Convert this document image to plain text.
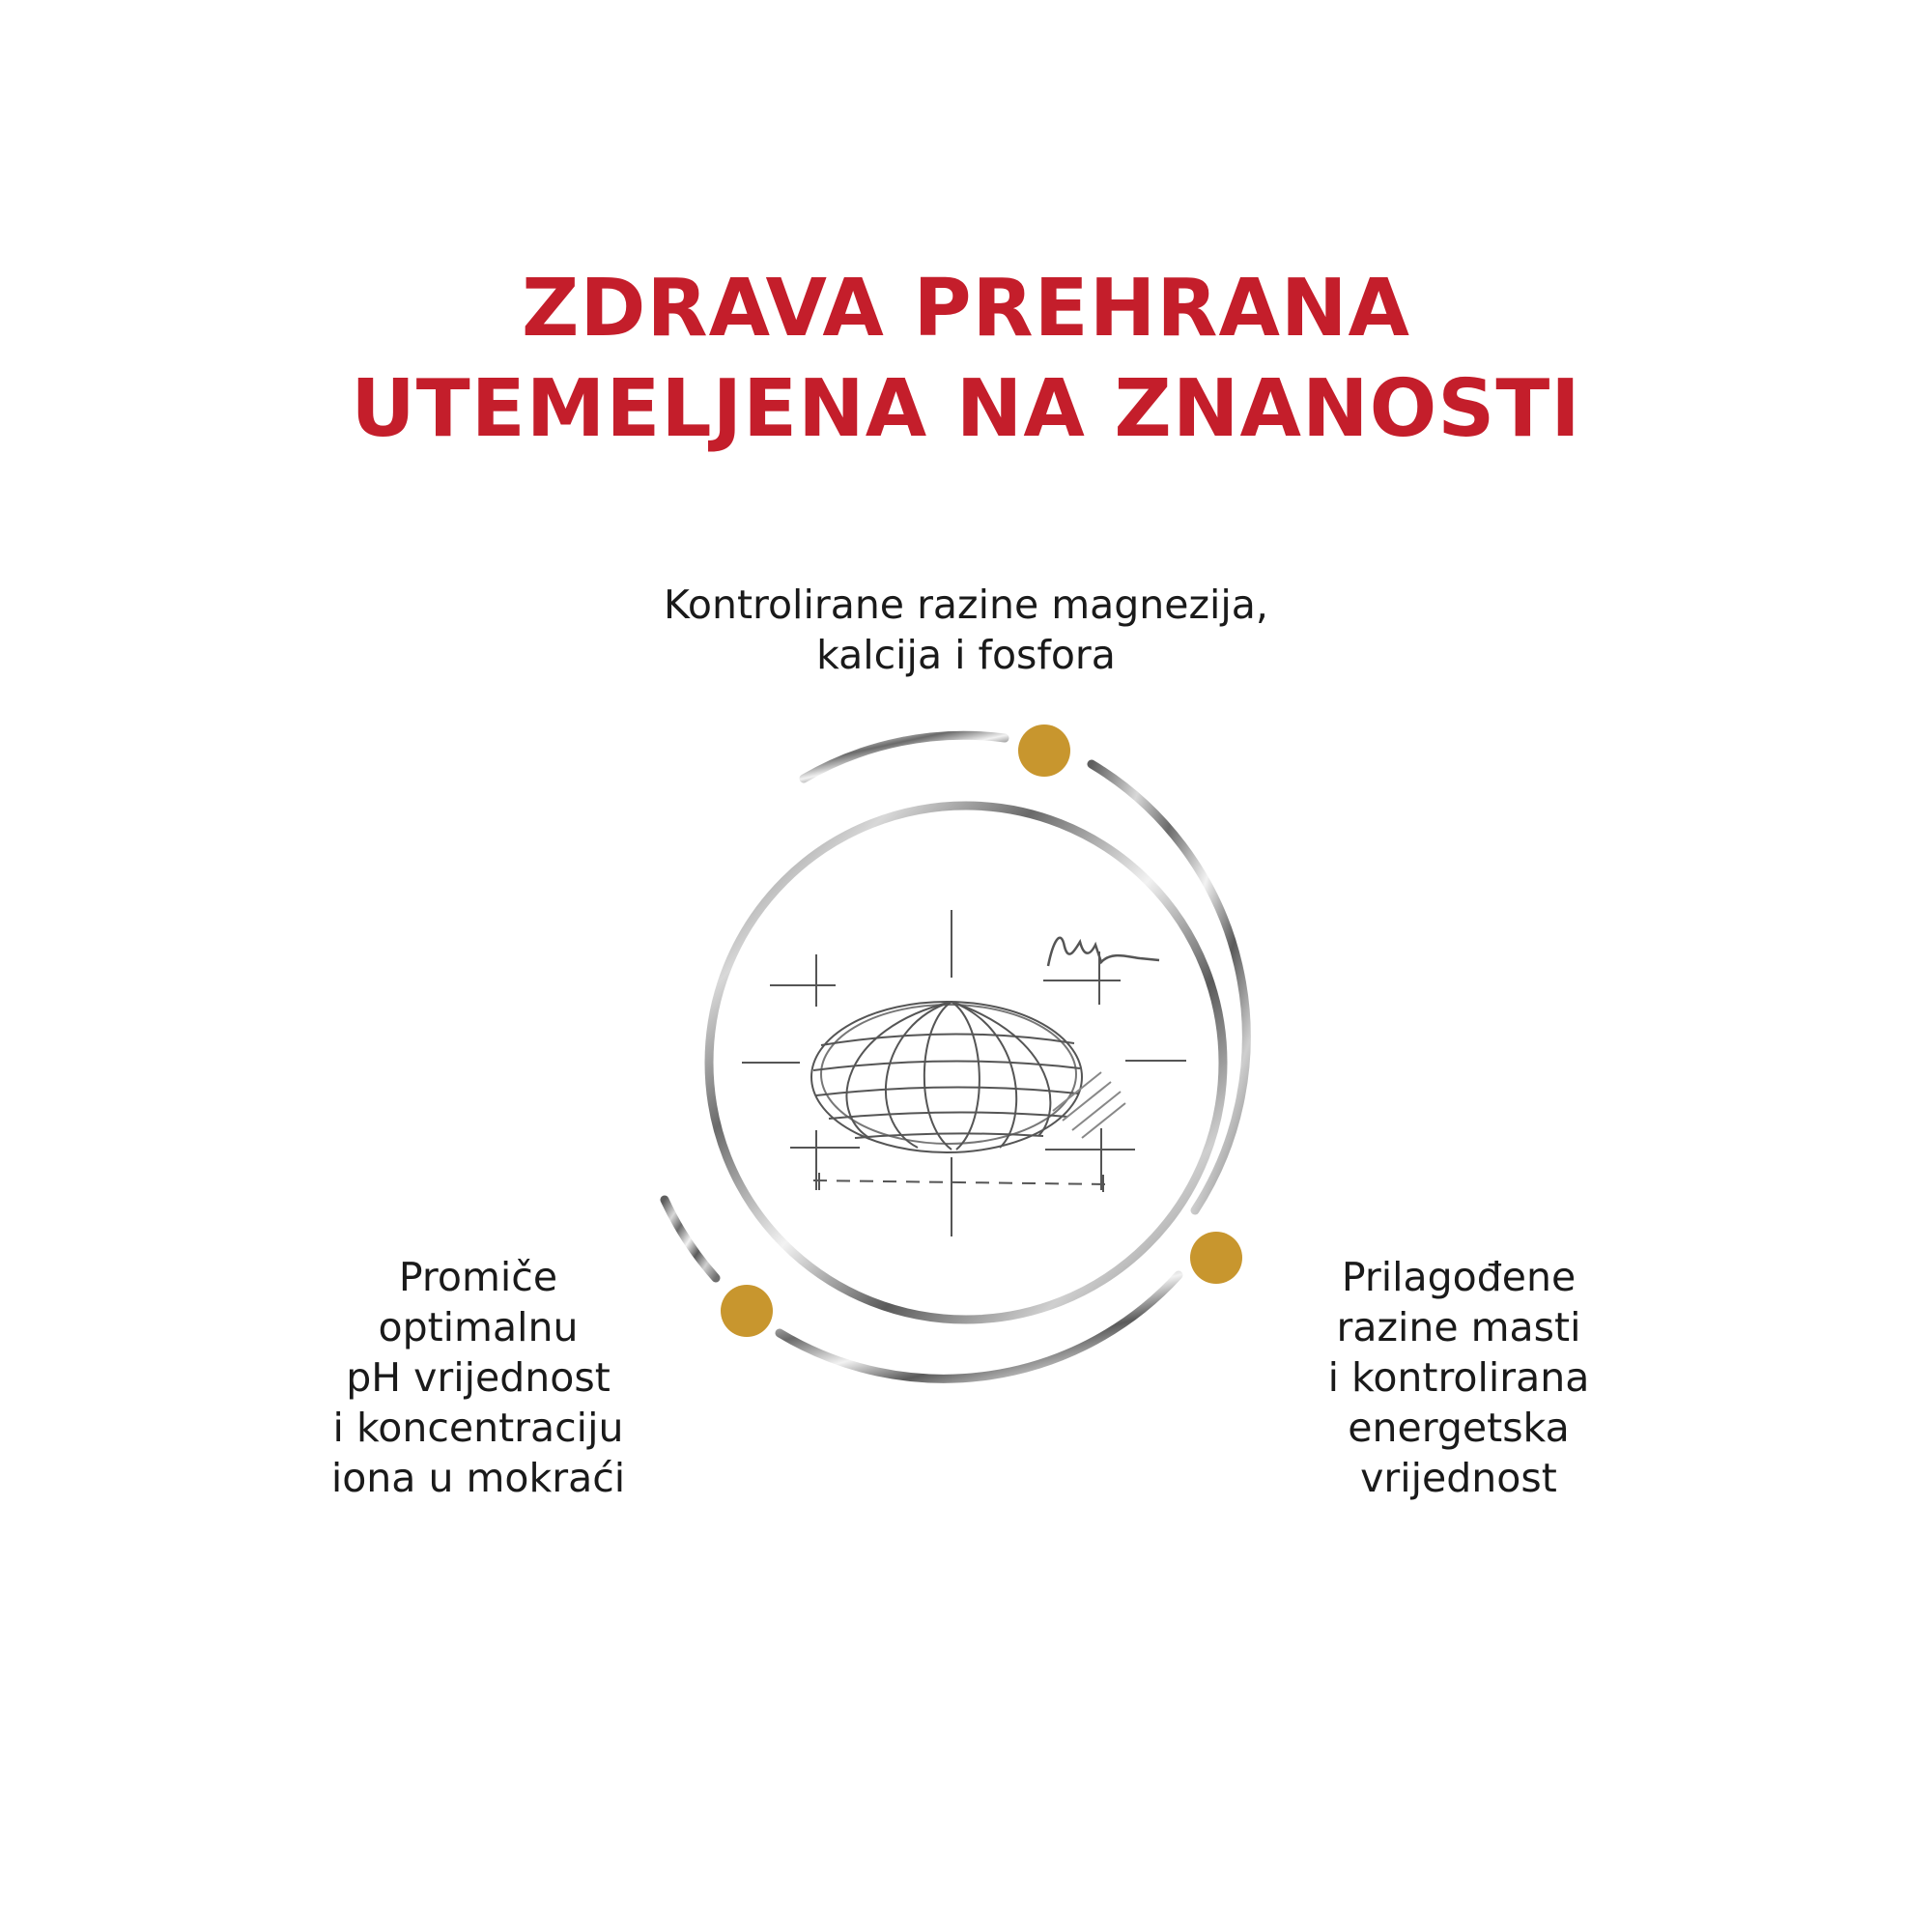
ZDRAVA PREHRANA
UTEMELJENA NA ZNANOSTI
Kontrolirane razine magnezija,
kalcija i fosfora
Promiče
optimalnu
pH vrijednost
i koncentraciju
iona u mokraći
Prilagođene
razine masti
i kontrolirana
energetska
vrijednost
